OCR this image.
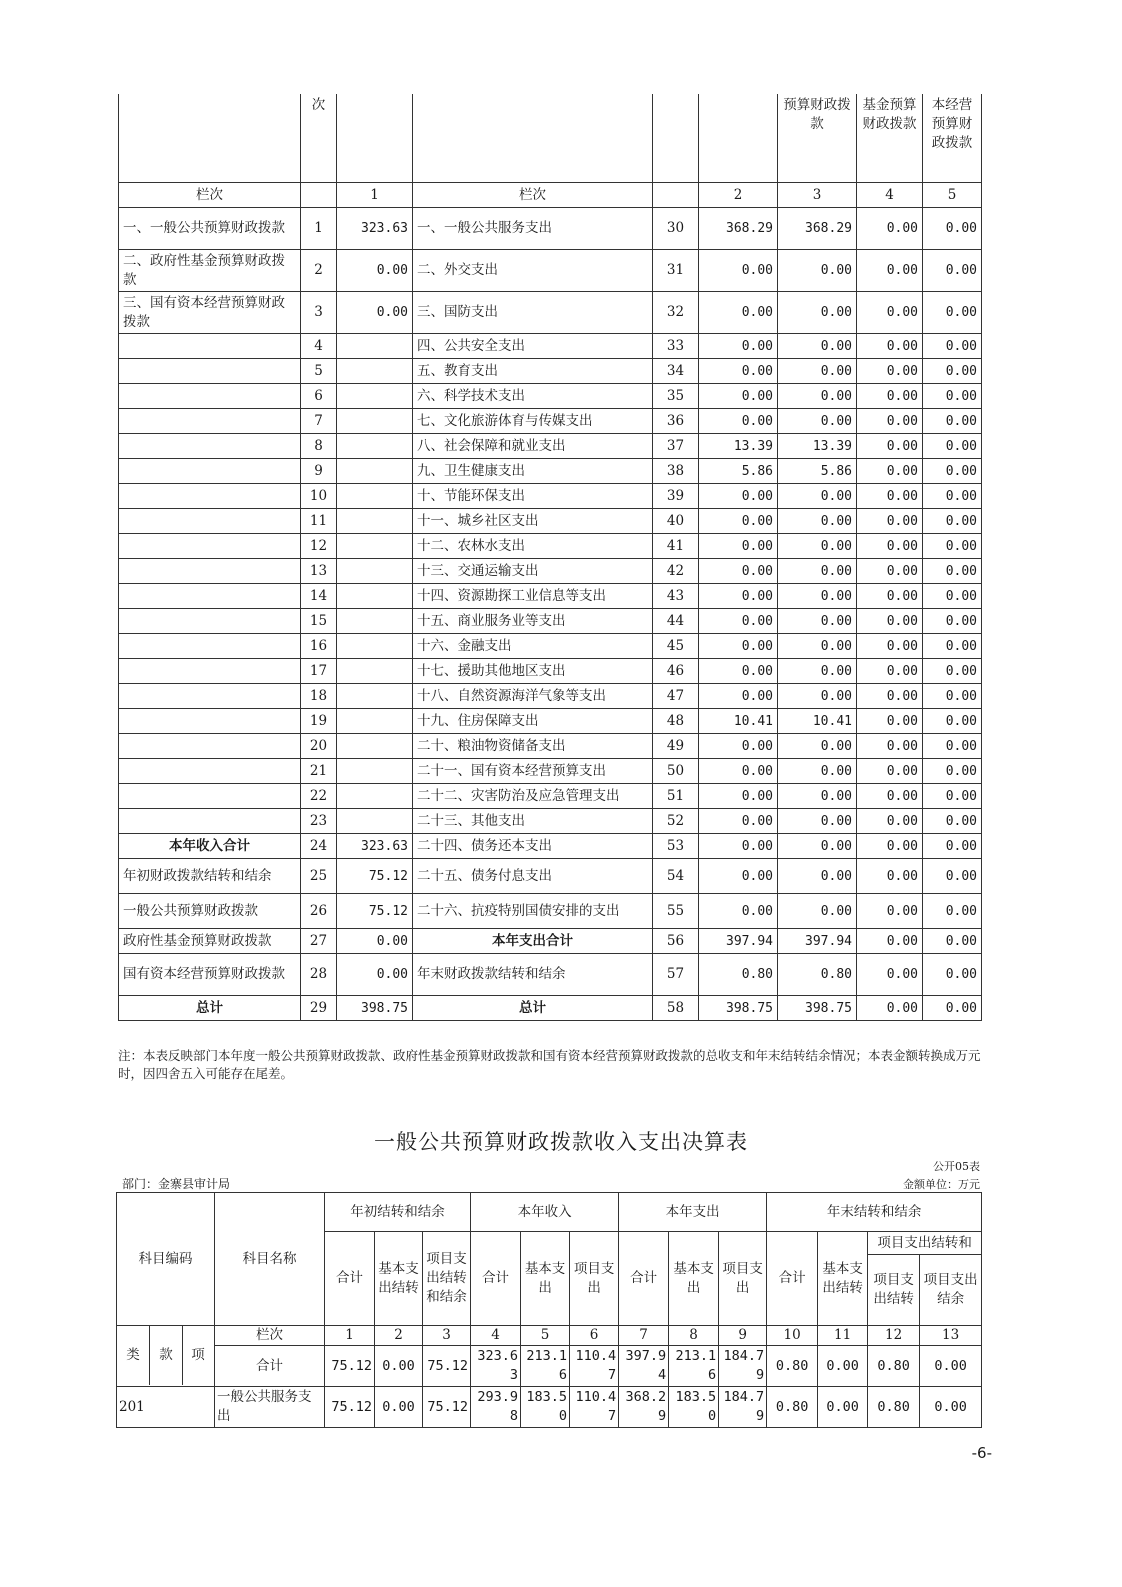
	次					预算财政拨款	基金预算财政拨款	本经营预算财政拨款
栏次		1	栏次		2	3	4	5
一、一般公共预算财政拨款	1	323.63	一、一般公共服务支出	30	368.29	368.29	0.00	0.00
二、政府性基金预算财政拨款	2	0.00	二、外交支出	31	0.00	0.00	0.00	0.00
三、国有资本经营预算财政拨款	3	0.00	三、国防支出	32	0.00	0.00	0.00	0.00
	4		四、公共安全支出	33	0.00	0.00	0.00	0.00
	5		五、教育支出	34	0.00	0.00	0.00	0.00
	6		六、科学技术支出	35	0.00	0.00	0.00	0.00
	7		七、文化旅游体育与传媒支出	36	0.00	0.00	0.00	0.00
	8		八、社会保障和就业支出	37	13.39	13.39	0.00	0.00
	9		九、卫生健康支出	38	5.86	5.86	0.00	0.00
	10		十、节能环保支出	39	0.00	0.00	0.00	0.00
	11		十一、城乡社区支出	40	0.00	0.00	0.00	0.00
	12		十二、农林水支出	41	0.00	0.00	0.00	0.00
	13		十三、交通运输支出	42	0.00	0.00	0.00	0.00
	14		十四、资源勘探工业信息等支出	43	0.00	0.00	0.00	0.00
	15		十五、商业服务业等支出	44	0.00	0.00	0.00	0.00
	16		十六、金融支出	45	0.00	0.00	0.00	0.00
	17		十七、援助其他地区支出	46	0.00	0.00	0.00	0.00
	18		十八、自然资源海洋气象等支出	47	0.00	0.00	0.00	0.00
	19		十九、住房保障支出	48	10.41	10.41	0.00	0.00
	20		二十、粮油物资储备支出	49	0.00	0.00	0.00	0.00
	21		二十一、国有资本经营预算支出	50	0.00	0.00	0.00	0.00
	22		二十二、灾害防治及应急管理支出	51	0.00	0.00	0.00	0.00
	23		二十三、其他支出	52	0.00	0.00	0.00	0.00
本年收入合计	24	323.63	二十四、债务还本支出	53	0.00	0.00	0.00	0.00
年初财政拨款结转和结余	25	75.12	二十五、债务付息支出	54	0.00	0.00	0.00	0.00
一般公共预算财政拨款	26	75.12	二十六、抗疫特别国债安排的支出	55	0.00	0.00	0.00	0.00
政府性基金预算财政拨款	27	0.00	本年支出合计	56	397.94	397.94	0.00	0.00
国有资本经营预算财政拨款	28	0.00	年末财政拨款结转和结余	57	0.80	0.80	0.00	0.00
总计	29	398.75	总计	58	398.75	398.75	0.00	0.00
注：本表反映部门本年度一般公共预算财政拨款、政府性基金预算财政拨款和国有资本经营预算财政拨款的总收支和年末结转结余情况；本表金额转换成万元时，因四舍五入可能存在尾差。
一般公共预算财政拨款收入支出决算表
公开05表
部门：金寨县审计局	金额单位：万元
科目编码	科目名称	年初结转和结余			本年收入			本年支出			年末结转和结余			
		合计	基本支出结转	项目支出结转和结余	合计	基本支出	项目支出	合计	基本支出	项目支出	合计	基本支出结转	项目支出结转和	
													项目支出结转	项目支出结余

类 款 项	栏次	1	2	3	4	5	6	7	8	9	10	11	12	13
	合计	75.12	0.00	75.12	323.63	213.16	110.47	397.94	213.16	184.79	0.80	0.00	0.80	0.00
201	一般公共服务支出	75.12	0.00	75.12	293.98	183.50	110.47	368.29	183.50	184.79	0.80	0.00	0.80	0.00
-6-
